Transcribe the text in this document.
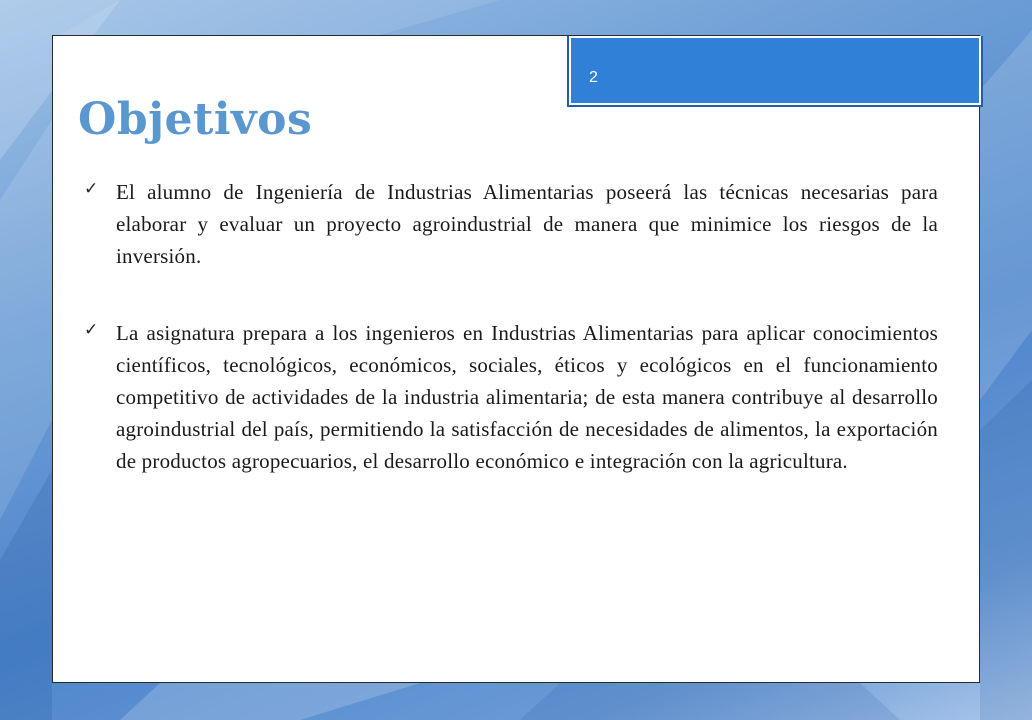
2
Objetivos
✓ El alumno de Ingeniería de Industrias Alimentarias poseerá las técnicas necesarias para elaborar y evaluar un proyecto agroindustrial de manera que minimice los riesgos de la inversión.
✓ La asignatura prepara a los ingenieros en Industrias Alimentarias para aplicar conocimientos científicos, tecnológicos, económicos, sociales, éticos y ecológicos en el funcionamiento competitivo de actividades de la industria alimentaria; de esta manera contribuye al desarrollo agroindustrial del país, permitiendo la satisfacción de necesidades de alimentos, la exportación de productos agropecuarios, el desarrollo económico e integración con la agricultura.
